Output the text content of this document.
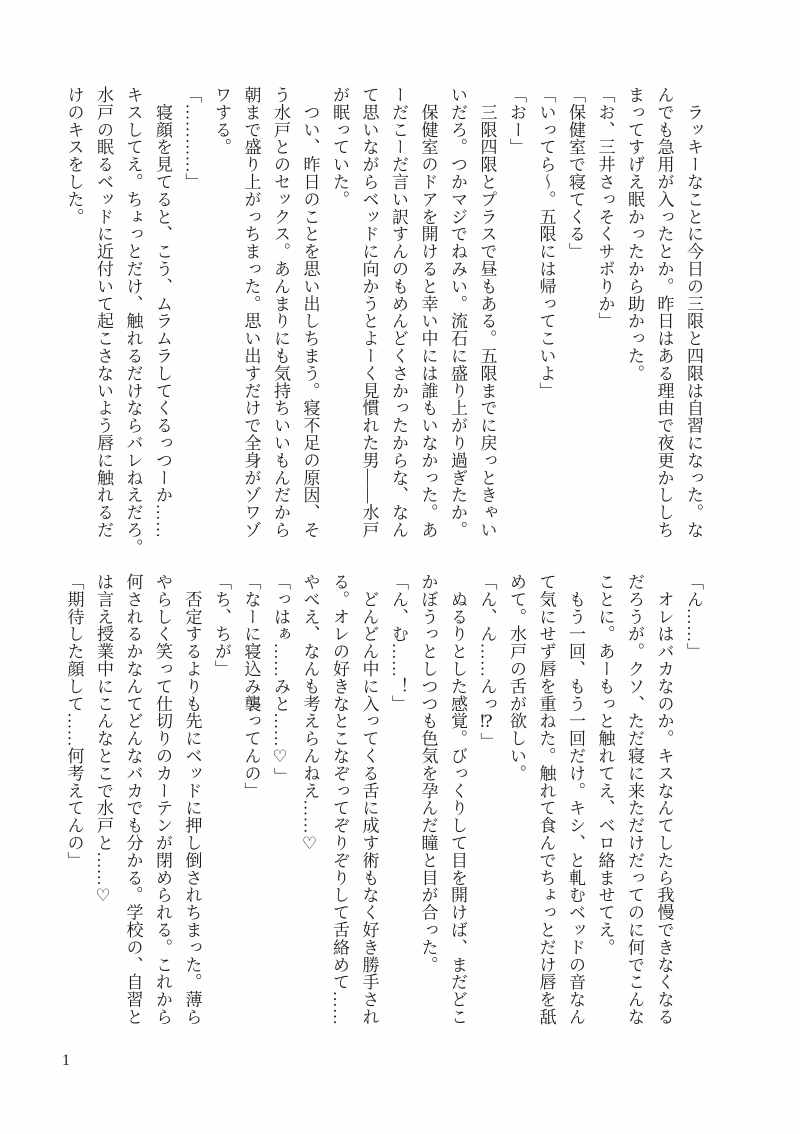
　ラッキーなことに今日の三限と四限は自習になった。な

んでも急用が入ったとか。昨日はある理由で夜更かししち

まってすげえ眠かったから助かった。

「お、三井さっそくサボりか」

「保健室で寝てくる」

「いってら〜。五限には帰ってこいよ」

「おー」

　三限四限とプラスで昼もある。五限までに戻っときゃい

いだろ。つかマジでねみい。流石に盛り上がり過ぎたか。

　保健室のドアを開けると幸い中には誰もいなかった。あ

ーだこーだ言い訳すんのもめんどくさかったからな、なん

て思いながらベッドに向かうとよーく見慣れた男――水戸

が眠っていた。

　つい、昨日のことを思い出しちまう。寝不足の原因、そ

う水戸とのセックス。あんまりにも気持ちいいもんだから

朝まで盛り上がっちまった。思い出すだけで全身がゾワゾ

ワする。

「…………」

　寝顔を見てると、こう、ムラムラしてくるっつーか……

キスしてえ。ちょっとだけ、触れるだけならバレねえだろ。

水戸の眠るベッドに近付いて起こさないよう唇に触れるだ

けのキスをした。

「ん……」

　オレはバカなのか。キスなんてしたら我慢できなくなる

だろうが。クソ、ただ寝に来ただけだってのに何でこんな

ことに。あーもっと触れてえ、ベロ絡ませてえ。

　もう一回、もう一回だけ。キシ、と軋むベッドの音なん

て気にせず唇を重ねた。触れて食んでちょっとだけ唇を舐

めて。水戸の舌が欲しい。

「ん、ん……んっ⁉」

　ぬるりとした感覚。びっくりして目を開けば、まだどこ

かぼうっとしつつも色気を孕んだ瞳と目が合った。

「ん、む……！」

　どんどん中に入ってくる舌に成す術もなく好き勝手され

る。オレの好きなとこなぞってぞりぞりして舌絡めて……

やべえ、なんも考えらんねえ……♡

「っはぁ……みと……♡」

「なーに寝込み襲ってんの」

「ち、ちが」

　否定するよりも先にベッドに押し倒されちまった。薄ら

やらしく笑って仕切りのカーテンが閉められる。これから

何されるかなんてどんなバカでも分かる。学校の、自習と

は言え授業中にこんなとこで水戸と……♡

「期待した顔して……何考えてんの」

1
